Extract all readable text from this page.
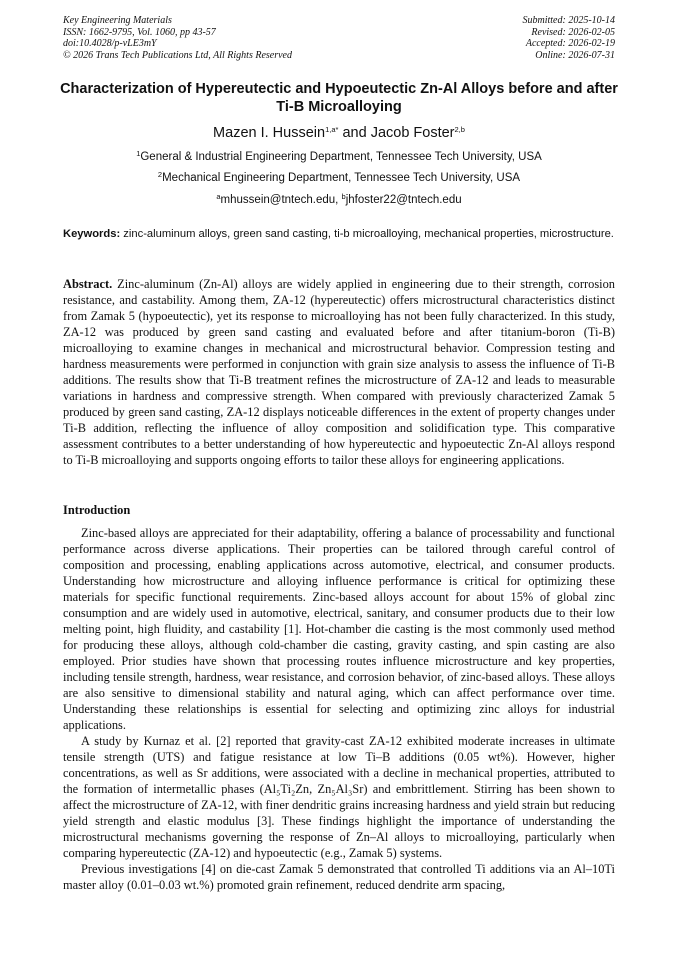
Key Engineering Materials
ISSN: 1662-9795, Vol. 1060, pp 43-57
doi:10.4028/p-vLE3mY
© 2026 Trans Tech Publications Ltd, All Rights Reserved
Submitted: 2025-10-14
Revised: 2026-02-05
Accepted: 2026-02-19
Online: 2026-07-31
Characterization of Hypereutectic and Hypoeutectic Zn-Al Alloys before and after Ti-B Microalloying
Mazen I. Hussein$^{1,a*}$ and Jacob Foster$^{2,b}$
$^1$General & Industrial Engineering Department, Tennessee Tech University, USA
$^2$Mechanical Engineering Department, Tennessee Tech University, USA
$^a$mhussein@tntech.edu, $^b$jhfoster22@tntech.edu

Keywords: zinc-aluminum alloys, green sand casting, ti-b microalloying, mechanical properties, microstructure.

Abstract. Zinc-aluminum (Zn-Al) alloys are widely applied in engineering due to their strength, corrosion resistance, and castability. Among them, ZA-12 (hypereutectic) offers microstructural characteristics distinct from Zamak 5 (hypoeutectic), yet its response to microalloying has not been fully characterized. In this study, ZA-12 was produced by green sand casting and evaluated before and after titanium-boron (Ti-B) microalloying to examine changes in mechanical and microstructural behavior. Compression testing and hardness measurements were performed in conjunction with grain size analysis to assess the influence of Ti-B additions. The results show that Ti-B treatment refines the microstructure of ZA-12 and leads to measurable variations in hardness and compressive strength. When compared with previously characterized Zamak 5 produced by green sand casting, ZA-12 displays noticeable differences in the extent of property changes under Ti-B addition, reflecting the influence of alloy composition and solidification type. This comparative assessment contributes to a better understanding of how hypereutectic and hypoeutectic Zn-Al alloys respond to Ti-B microalloying and supports ongoing efforts to tailor these alloys for engineering applications.

Introduction

Zinc-based alloys are appreciated for their adaptability, offering a balance of processability and functional performance across diverse applications. Their properties can be tailored through careful control of composition and processing, enabling applications across automotive, electrical, and consumer products. Understanding how microstructure and alloying influence performance is critical for optimizing these materials for specific functional requirements. Zinc-based alloys account for about 15% of global zinc consumption and are widely used in automotive, electrical, sanitary, and consumer products due to their low melting point, high fluidity, and castability [1]. Hot-chamber die casting is the most commonly used method for producing these alloys, although cold-chamber die casting, gravity casting, and spin casting are also employed. Prior studies have shown that processing routes influence microstructure and key properties, including tensile strength, hardness, wear resistance, and corrosion behavior, of zinc-based alloys. These alloys are also sensitive to dimensional stability and natural aging, which can affect performance over time. Understanding these relationships is essential for selecting and optimizing zinc alloys for industrial applications.

A study by Kurnaz et al. [2] reported that gravity-cast ZA-12 exhibited moderate increases in ultimate tensile strength (UTS) and fatigue resistance at low Ti–B additions (0.05 wt%). However, higher concentrations, as well as Sr additions, were associated with a decline in mechanical properties, attributed to the formation of intermetallic phases (Al₅Ti₂Zn, Zn₅Al₃Sr) and embrittlement. Stirring has been shown to affect the microstructure of ZA-12, with finer dendritic grains increasing hardness and yield strain but reducing yield strength and elastic modulus [3]. These findings highlight the importance of understanding the microstructural mechanisms governing the response of Zn–Al alloys to microalloying, particularly when comparing hypereutectic (ZA-12) and hypoeutectic (e.g., Zamak 5) systems.

Previous investigations [4] on die-cast Zamak 5 demonstrated that controlled Ti additions via an Al–10Ti master alloy (0.01–0.03 wt.%) promoted grain refinement, reduced dendrite arm spacing,
